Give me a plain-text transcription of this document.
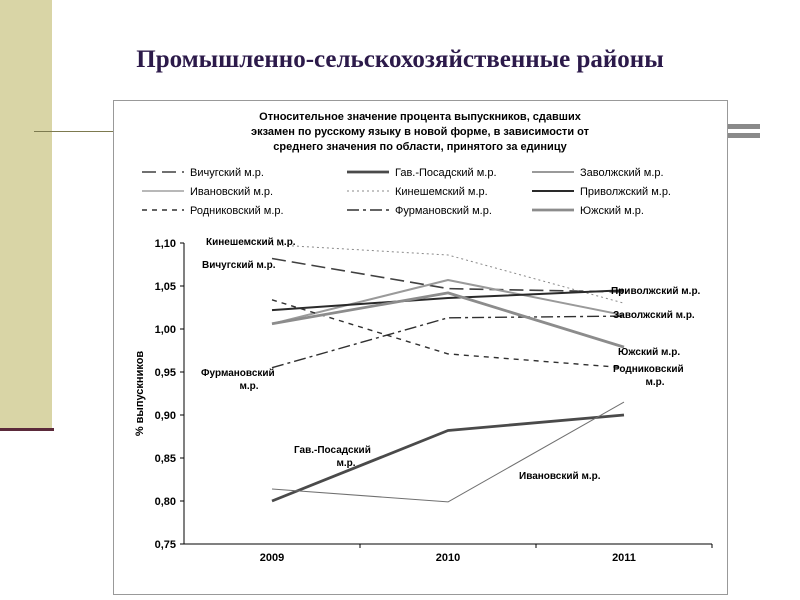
Промышленно-сельскохозяйственные районы
Относительное значение процента выпускников, сдавших
экзамен по русскому языку в новой форме, в зависимости от
среднего значения по области, принятого за единицу
Вичугский м.р.	Гав.-Посадский м.р.	Заволжский м.р.
Ивановский м.р.	Кинешемский м.р.	Приволжский м.р.
Родниковский м.р.	Фурмановский м.р.	Южский м.р.
0,75
0,80
0,85
0,90
0,95
1,00
1,05
1,10
2009	2010	2011
% выпускников
Кинешемский м.р.
Вичугский м.р.
Приволжский м.р.
Заволжский м.р.
Южский м.р.
Фурмановский
м.р.
Родниковский
м.р.
Гав.-Посадский
м.р.
Ивановский м.р.
